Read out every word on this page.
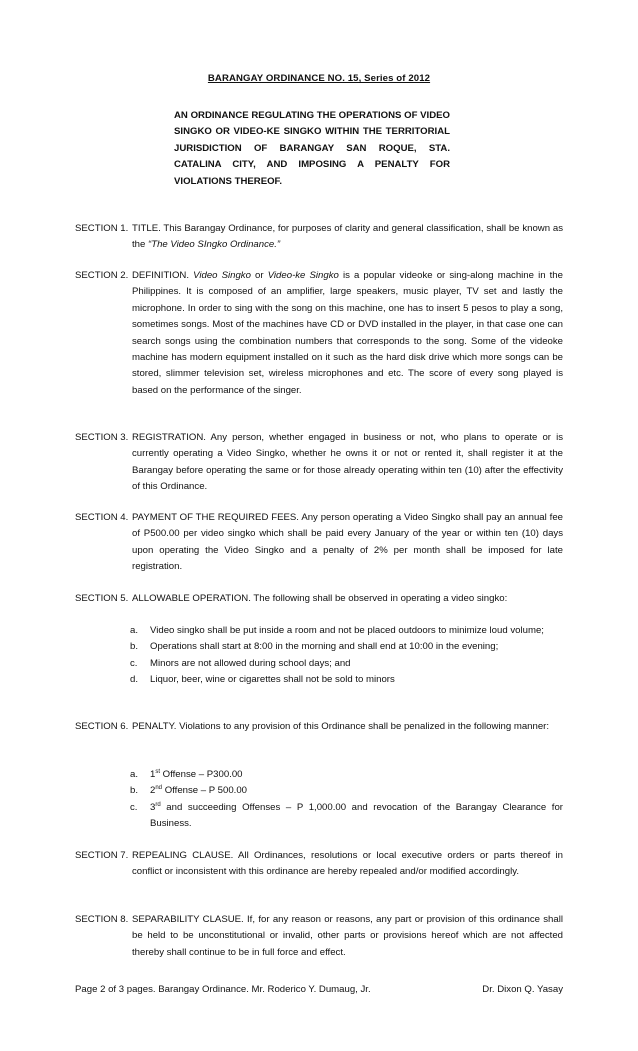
BARANGAY ORDINANCE NO. 15, Series of 2012
AN ORDINANCE REGULATING THE OPERATIONS OF VIDEO SINGKO OR VIDEO-KE SINGKO WITHIN THE TERRITORIAL JURISDICTION OF BARANGAY SAN ROQUE, STA. CATALINA CITY, AND IMPOSING A PENALTY FOR VIOLATIONS THEREOF.
SECTION 1. TITLE. This Barangay Ordinance, for purposes of clarity and general classification, shall be known as the “The Video SIngko Ordinance.”
SECTION 2. DEFINITION. Video Singko or Video-ke Singko is a popular videoke or sing-along machine in the Philippines. It is composed of an amplifier, large speakers, music player, TV set and lastly the microphone. In order to sing with the song on this machine, one has to insert 5 pesos to play a song, sometimes songs. Most of the machines have CD or DVD installed in the player, in that case one can search songs using the combination numbers that corresponds to the song. Some of the videoke machine has modern equipment installed on it such as the hard disk drive which more songs can be stored, slimmer television set, wireless microphones and etc. The score of every song played is based on the performance of the singer.
SECTION 3. REGISTRATION. Any person, whether engaged in business or not, who plans to operate or is currently operating a Video Singko, whether he owns it or not or rented it, shall register it at the Barangay before operating the same or for those already operating within ten (10) after the effectivity of this Ordinance.
SECTION 4. PAYMENT OF THE REQUIRED FEES. Any person operating a Video Singko shall pay an annual fee of P500.00 per video singko which shall be paid every January of the year or within ten (10) days upon operating the Video Singko and a penalty of 2% per month shall be imposed for late registration.
SECTION 5. ALLOWABLE OPERATION. The following shall be observed in operating a video singko:
a.	Video singko shall be put inside a room and not be placed outdoors to minimize loud volume;
b.	Operations shall start at 8:00 in the morning and shall end at 10:00 in the evening;
c.	Minors are not allowed during school days; and
d.	Liquor, beer, wine or cigarettes shall not be sold to minors
SECTION 6. PENALTY. Violations to any provision of this Ordinance shall be penalized in the following manner:
a.	1st Offense – P300.00
b.	2nd Offense – P 500.00
c.	3rd and succeeding Offenses – P 1,000.00 and revocation of the Barangay Clearance for Business.
SECTION 7. REPEALING CLAUSE. All Ordinances, resolutions or local executive orders or parts thereof in conflict or inconsistent with this ordinance are hereby repealed and/or modified accordingly.
SECTION 8. SEPARABILITY CLASUE. If, for any reason or reasons, any part or provision of this ordinance shall be held to be unconstitutional or invalid, other parts or provisions hereof which are not affected thereby shall continue to be in full force and effect.
Page 2 of 3 pages. Barangay Ordinance. Mr. Roderico Y. Dumaug, Jr.	Dr. Dixon Q. Yasay
